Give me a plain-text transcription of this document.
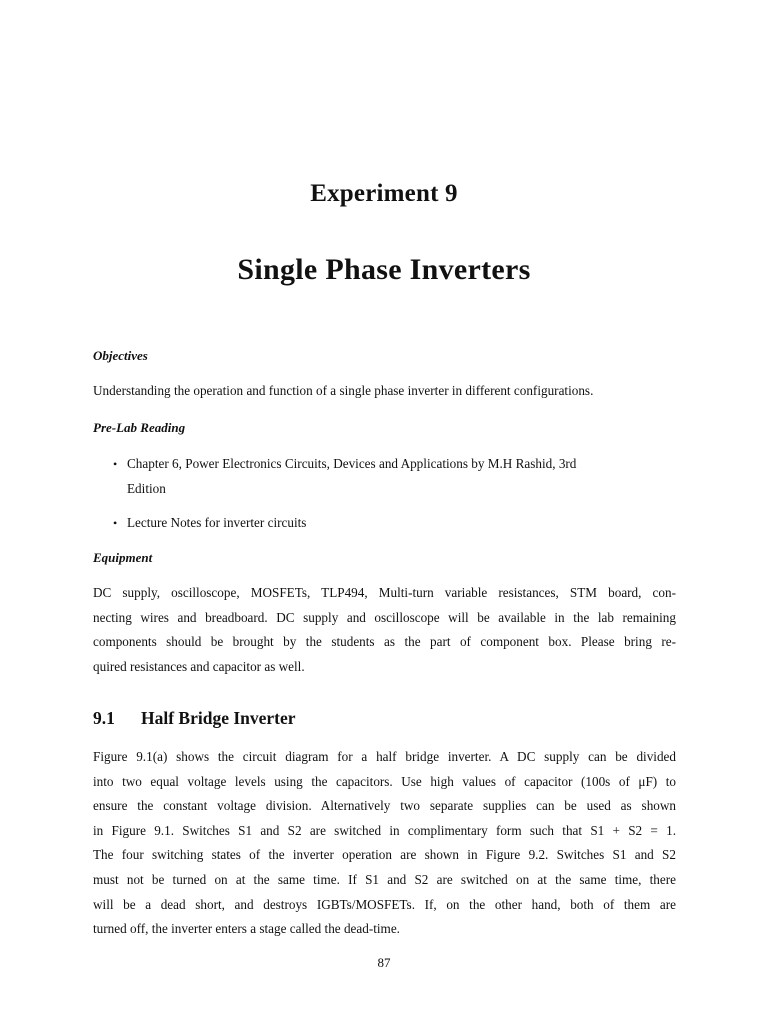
Experiment 9
Single Phase Inverters
Objectives
Understanding the operation and function of a single phase inverter in different configurations.
Pre-Lab Reading
• Chapter 6, Power Electronics Circuits, Devices and Applications by M.H Rashid, 3rd
Edition
• Lecture Notes for inverter circuits
Equipment
DC supply, oscilloscope, MOSFETs, TLP494, Multi-turn variable resistances, STM board, con-
necting wires and breadboard. DC supply and oscilloscope will be available in the lab remaining
components should be brought by the students as the part of component box. Please bring re-
quired resistances and capacitor as well.
9.1 Half Bridge Inverter
Figure 9.1(a) shows the circuit diagram for a half bridge inverter. A DC supply can be divided
into two equal voltage levels using the capacitors. Use high values of capacitor (100s of μF) to
ensure the constant voltage division. Alternatively two separate supplies can be used as shown
in Figure 9.1. Switches S1 and S2 are switched in complimentary form such that S1 + S2 = 1.
The four switching states of the inverter operation are shown in Figure 9.2. Switches S1 and S2
must not be turned on at the same time. If S1 and S2 are switched on at the same time, there
will be a dead short, and destroys IGBTs/MOSFETs. If, on the other hand, both of them are
turned off, the inverter enters a stage called the dead-time.
87
